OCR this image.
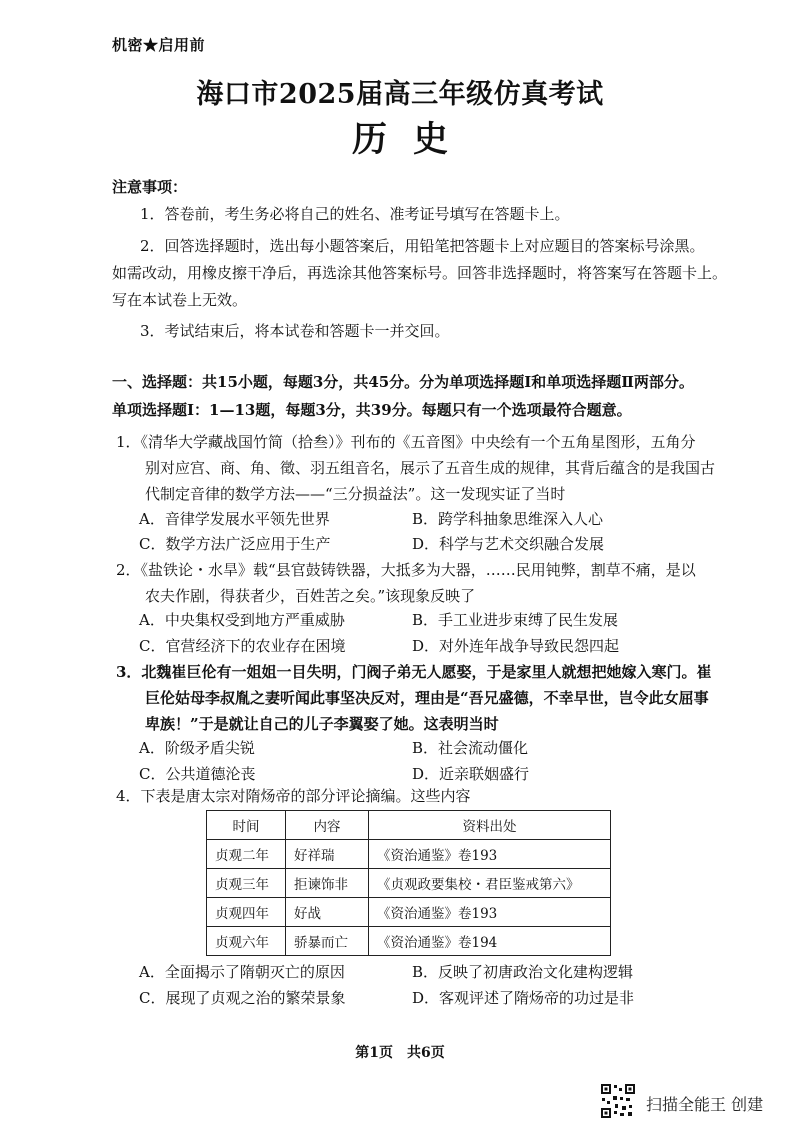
机密★启用前
海口市2025届高三年级仿真考试
历史
注意事项：
1．答卷前，考生务必将自己的姓名、准考证号填写在答题卡上。
2．回答选择题时，选出每小题答案后，用铅笔把答题卡上对应题目的答案标号涂黑。
如需改动，用橡皮擦干净后，再选涂其他答案标号。回答非选择题时，将答案写在答题卡上。
写在本试卷上无效。
3．考试结束后，将本试卷和答题卡一并交回。
一、选择题：共15小题，每题3分，共45分。分为单项选择题Ⅰ和单项选择题Ⅱ两部分。
单项选择题Ⅰ：1—13题，每题3分，共39分。每题只有一个选项最符合题意。
1．《清华大学藏战国竹简（拾叁）》刊布的《五音图》中央绘有一个五角星图形，五角分
别对应宫、商、角、徵、羽五组音名，展示了五音生成的规律，其背后蕴含的是我国古
代制定音律的数学方法——“三分损益法”。这一发现实证了当时
A．音律学发展水平领先世界	B．跨学科抽象思维深入人心
C．数学方法广泛应用于生产	D．科学与艺术交织融合发展
2．《盐铁论・水旱》载“县官鼓铸铁器，大抵多为大器，……民用钝弊，割草不痛，是以
农夫作剧，得获者少，百姓苦之矣。”该现象反映了
A．中央集权受到地方严重威胁	B．手工业进步束缚了民生发展
C．官营经济下的农业存在困境	D．对外连年战争导致民怨四起
3．北魏崔巨伦有一姐姐一目失明，门阀子弟无人愿娶，于是家里人就想把她嫁入寒门。崔
巨伦姑母李叔胤之妻听闻此事坚决反对，理由是“吾兄盛德，不幸早世，岂令此女屈事
卑族！”于是就让自己的儿子李翼娶了她。这表明当时
A．阶级矛盾尖锐	B．社会流动僵化
C．公共道德沦丧	D．近亲联姻盛行
4．下表是唐太宗对隋炀帝的部分评论摘编。这些内容
时间	内容	资料出处
贞观二年	好祥瑞	《资治通鉴》卷193
贞观三年	拒谏饰非	《贞观政要集校・君臣鉴戒第六》
贞观四年	好战	《资治通鉴》卷193
贞观六年	骄暴而亡	《资治通鉴》卷194
A．全面揭示了隋朝灭亡的原因	B．反映了初唐政治文化建构逻辑
C．展现了贞观之治的繁荣景象	D．客观评述了隋炀帝的功过是非
第1页　共6页
扫描全能王 创建
